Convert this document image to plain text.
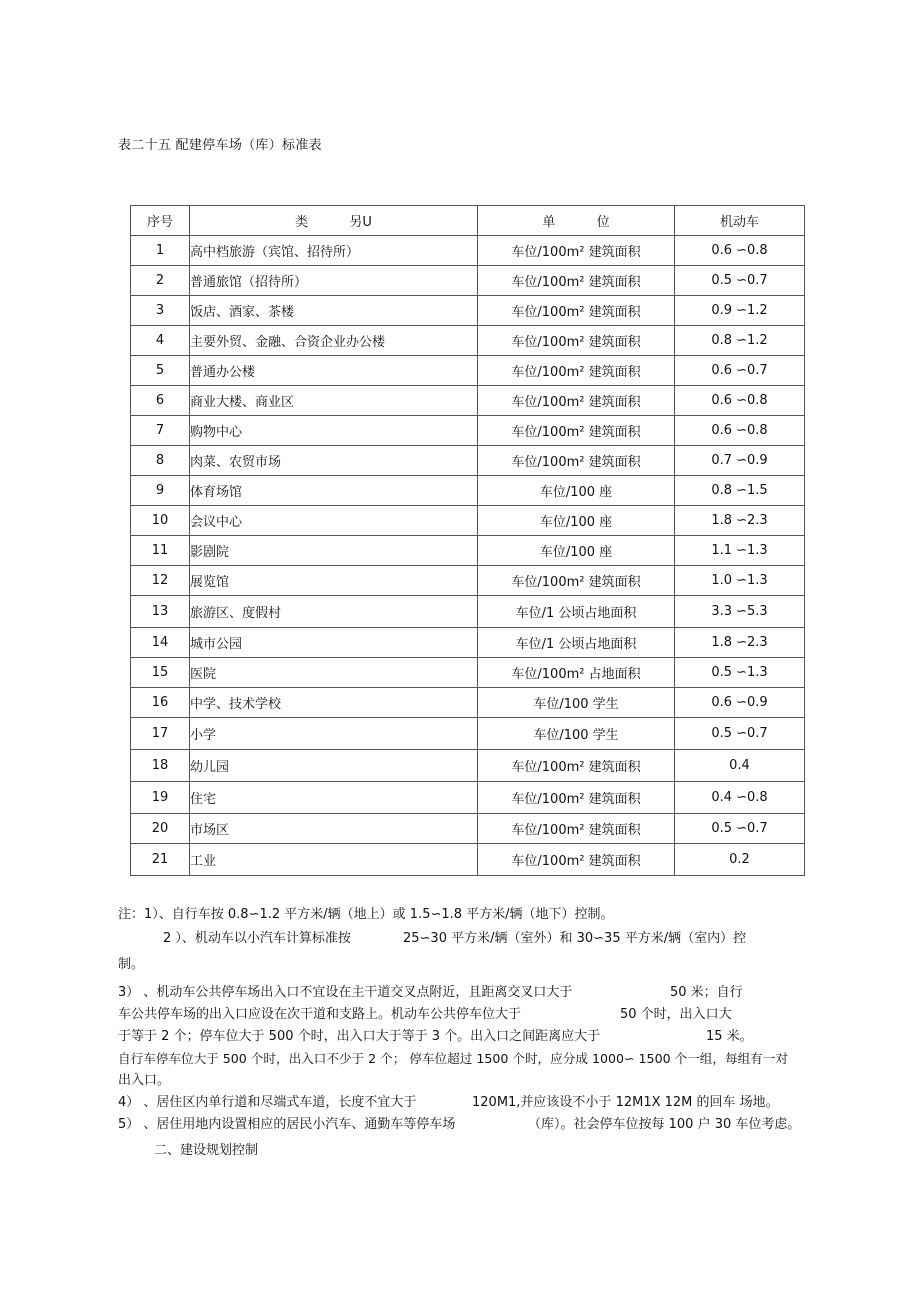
表二十五 配建停车场（库）标准表
序号	类          另U	单          位	机动车
1	高中档旅游（宾馆、招待所）	车位/100m² 建筑面积	0.6 ∽0.8
2	普通旅馆（招待所）	车位/100m² 建筑面积	0.5 ∽0.7
3	饭店、酒家、茶楼	车位/100m² 建筑面积	0.9 ∽1.2
4	主要外贸、金融、合资企业办公楼	车位/100m² 建筑面积	0.8 ∽1.2
5	普通办公楼	车位/100m² 建筑面积	0.6 ∽0.7
6	商业大楼、商业区	车位/100m² 建筑面积	0.6 ∽0.8
7	购物中心	车位/100m² 建筑面积	0.6 ∽0.8
8	肉菜、农贸市场	车位/100m² 建筑面积	0.7 ∽0.9
9	体育场馆	车位/100 座	0.8 ∽1.5
10	会议中心	车位/100 座	1.8 ∽2.3
11	影剧院	车位/100 座	1.1 ∽1.3
12	展览馆	车位/100m² 建筑面积	1.0 ∽1.3
13	旅游区、度假村	车位/1 公顷占地面积	3.3 ∽5.3
14	城市公园	车位/1 公顷占地面积	1.8 ∽2.3
15	医院	车位/100m² 占地面积	0.5 ∽1.3
16	中学、技术学校	车位/100 学生	0.6 ∽0.9
17	小学	车位/100 学生	0.5 ∽0.7
18	幼儿园	车位/100m² 建筑面积	0.4
19	住宅	车位/100m² 建筑面积	0.4 ∽0.8
20	市场区	车位/100m² 建筑面积	0.5 ∽0.7
21	工业	车位/100m² 建筑面积	0.2
注：1）、自行车按 0.8∽1.2 平方米/辆（地上）或 1.5∽1.8 平方米/辆（地下）控制。
2 ）、机动车以小汽车计算标准按	25∽30 平方米/辆（室外）和 30∽35 平方米/辆（室内）控
制。
3） 、机动车公共停车场出入口不宜设在主干道交叉点附近，且距离交叉口大于	50 米；自行
车公共停车场的出入口应设在次干道和支路上。机动车公共停车位大于	50 个时，出入口大
于等于 2 个；停车位大于 500 个时，出入口大于等于 3 个。出入口之间距离应大于	15 米。
自行车停车位大于 500 个时，出入口不少于 2 个； 停车位超过 1500 个时，应分成 1000∽ 1500 个一组，每组有一对
出入口。
4） 、居住区内单行道和尽端式车道，长度不宜大于	120M1,并应该设不小于 12M1X 12M 的回车 场地。
5） 、居住用地内设置相应的居民小汽车、通勤车等停车场	（库）。社会停车位按每 100 户 30 车位考虑。
二、建设规划控制
